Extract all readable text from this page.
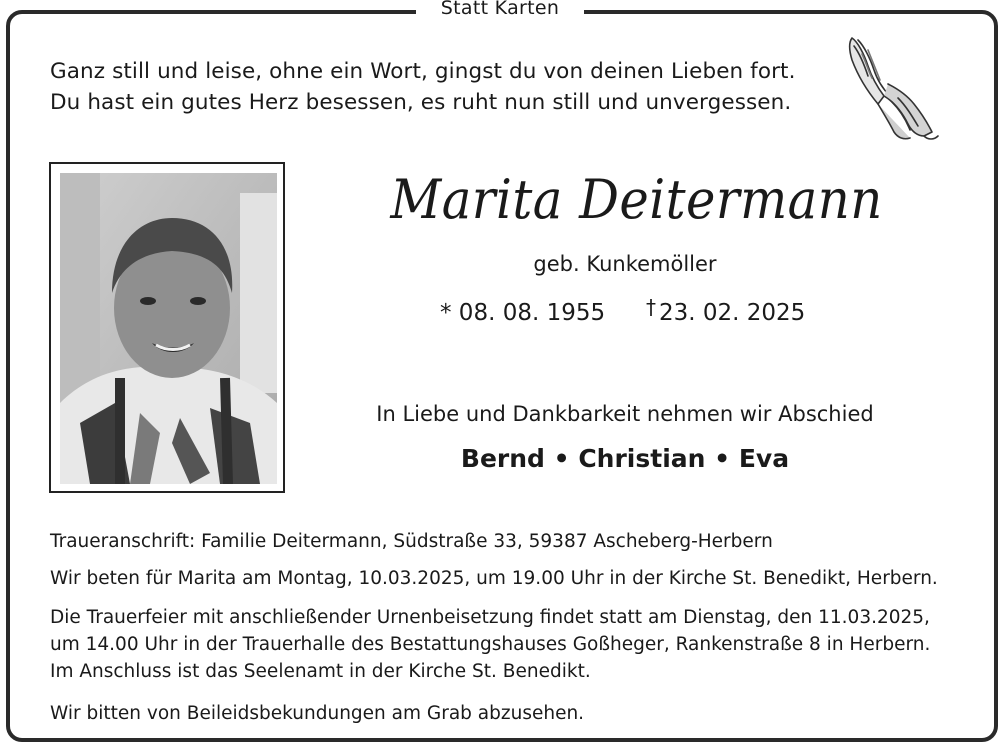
Statt Karten
Ganz still und leise, ohne ein Wort, gingst du von deinen Lieben fort.
Du hast ein gutes Herz besessen, es ruht nun still und unvergessen.
Marita Deitermann
geb. Kunkemöller
* 08. 08. 1955 † 23. 02. 2025
In Liebe und Dankbarkeit nehmen wir Abschied
Bernd • Christian • Eva
Traueranschrift: Familie Deitermann, Südstraße 33, 59387 Ascheberg-Herbern
Wir beten für Marita am Montag, 10.03.2025, um 19.00 Uhr in der Kirche St. Benedikt, Herbern.
Die Trauerfeier mit anschließender Urnenbeisetzung findet statt am Dienstag, den 11.03.2025,
um 14.00 Uhr in der Trauerhalle des Bestattungshauses Goßheger, Rankenstraße 8 in Herbern.
Im Anschluss ist das Seelenamt in der Kirche St. Benedikt.
Wir bitten von Beileidsbekundungen am Grab abzusehen.
